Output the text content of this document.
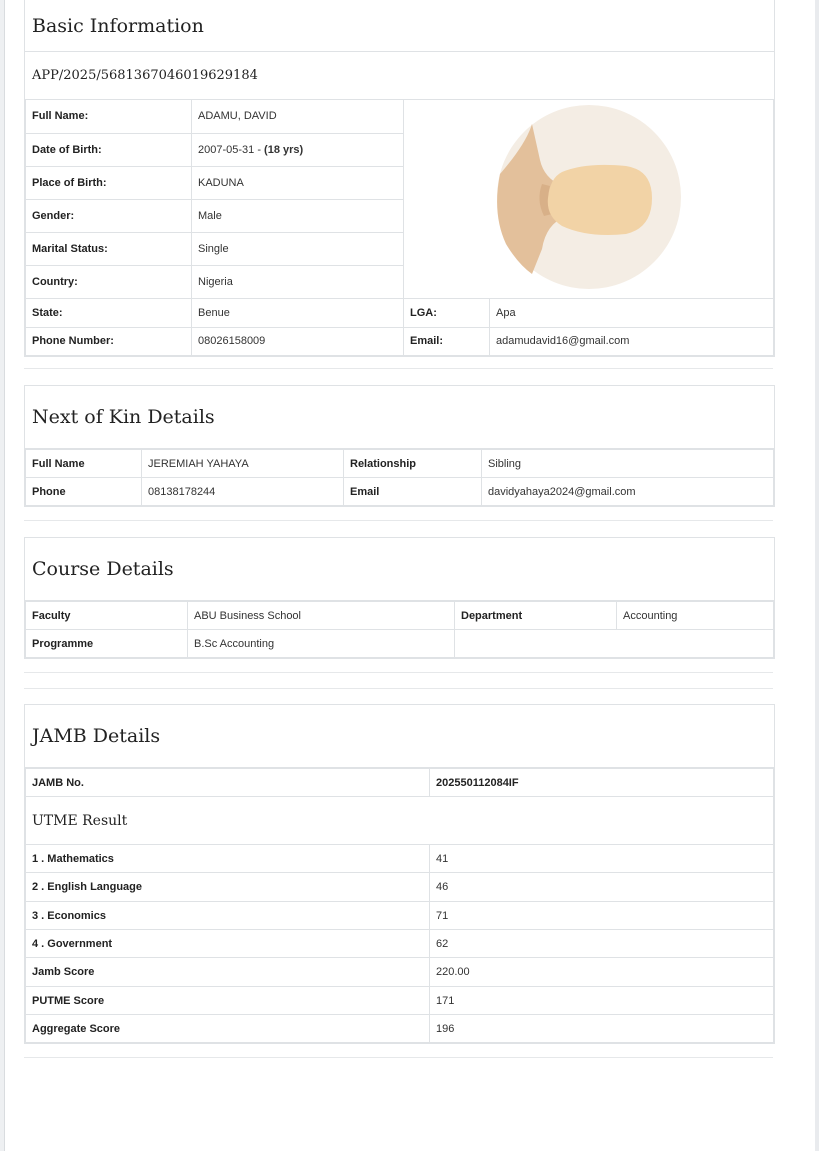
Basic Information
APP/2025/5681367046019629184
Full Name:	ADAMU, DAVID	
Date of Birth:	2007-05-31 - (18 yrs)		
Place of Birth:	KADUNA		
Gender:	Male		
Marital Status:	Single		
Country:	Nigeria		
State:	Benue	LGA:	Apa
Phone Number:	08026158009	Email:	adamudavid16@gmail.com
Next of Kin Details
Full Name	JEREMIAH YAHAYA	Relationship	Sibling
Phone	08138178244	Email	davidyahaya2024@gmail.com
Course Details
Faculty	ABU Business School	Department	Accounting
Programme	B.Sc Accounting		
JAMB Details
JAMB No.	202550112084IF
UTME Result	
1 . Mathematics	41
2 . English Language	46
3 . Economics	71
4 . Government	62
Jamb Score	220.00
PUTME Score	171
Aggregate Score	196
